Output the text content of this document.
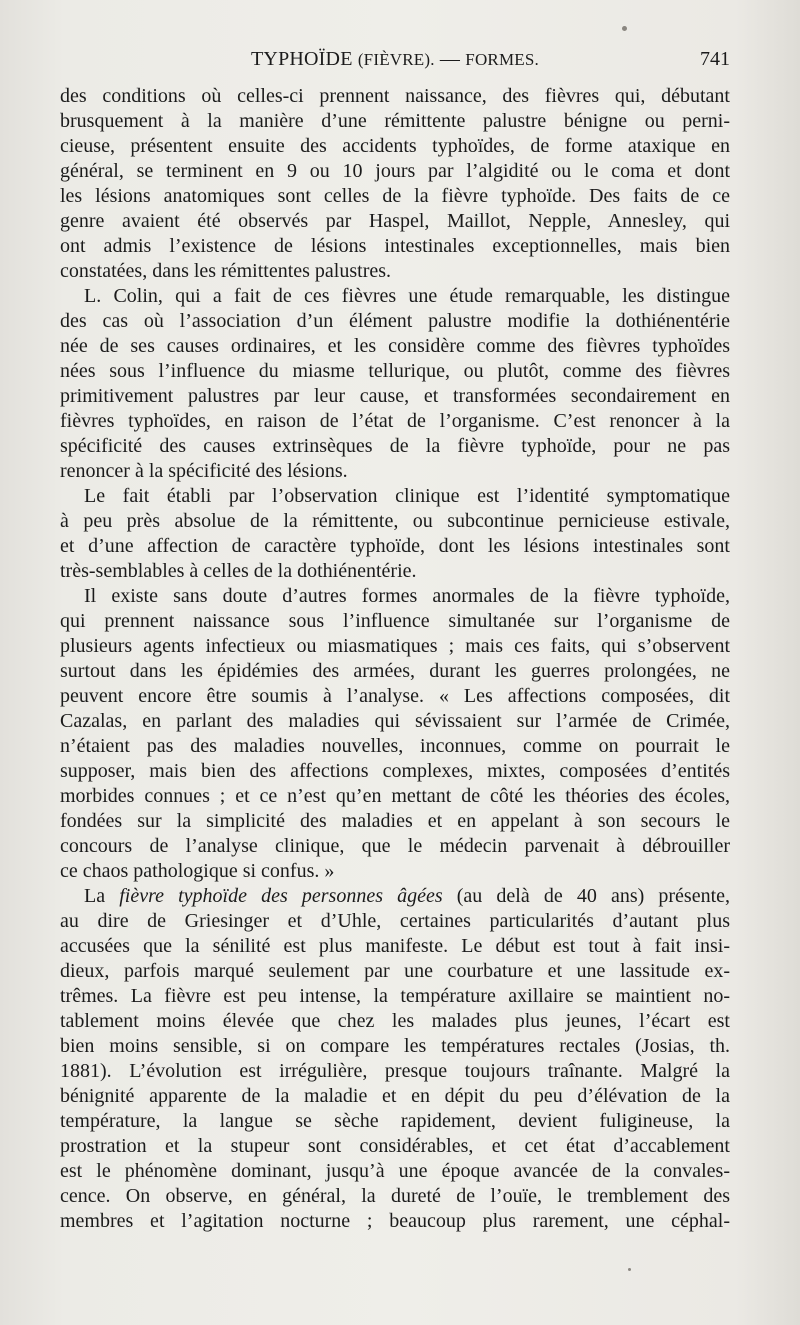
TYPHOÏDE (FIÈVRE). — FORMES.	741
des conditions où celles-ci prennent naissance, des fièvres qui, débutant
brusquement à la manière d’une rémittente palustre bénigne ou perni-
cieuse, présentent ensuite des accidents typhoïdes, de forme ataxique en
général, se terminent en 9 ou 10 jours par l’algidité ou le coma et dont
les lésions anatomiques sont celles de la fièvre typhoïde. Des faits de ce
genre avaient été observés par Haspel, Maillot, Nepple, Annesley, qui
ont admis l’existence de lésions intestinales exceptionnelles, mais bien
constatées, dans les rémittentes palustres.
L. Colin, qui a fait de ces fièvres une étude remarquable, les distingue
des cas où l’association d’un élément palustre modifie la dothiénentérie
née de ses causes ordinaires, et les considère comme des fièvres typhoïdes
nées sous l’influence du miasme tellurique, ou plutôt, comme des fièvres
primitivement palustres par leur cause, et transformées secondairement en
fièvres typhoïdes, en raison de l’état de l’organisme. C’est renoncer à la
spécificité des causes extrinsèques de la fièvre typhoïde, pour ne pas
renoncer à la spécificité des lésions.
Le fait établi par l’observation clinique est l’identité symptomatique
à peu près absolue de la rémittente, ou subcontinue pernicieuse estivale,
et d’une affection de caractère typhoïde, dont les lésions intestinales sont
très-semblables à celles de la dothiénentérie.
Il existe sans doute d’autres formes anormales de la fièvre typhoïde,
qui prennent naissance sous l’influence simultanée sur l’organisme de
plusieurs agents infectieux ou miasmatiques ; mais ces faits, qui s’observent
surtout dans les épidémies des armées, durant les guerres prolongées, ne
peuvent encore être soumis à l’analyse. « Les affections composées, dit
Cazalas, en parlant des maladies qui sévissaient sur l’armée de Crimée,
n’étaient pas des maladies nouvelles, inconnues, comme on pourrait le
supposer, mais bien des affections complexes, mixtes, composées d’entités
morbides connues ; et ce n’est qu’en mettant de côté les théories des écoles,
fondées sur la simplicité des maladies et en appelant à son secours le
concours de l’analyse clinique, que le médecin parvenait à débrouiller
ce chaos pathologique si confus. »
La fièvre typhoïde des personnes âgées (au delà de 40 ans) présente,
au dire de Griesinger et d’Uhle, certaines particularités d’autant plus
accusées que la sénilité est plus manifeste. Le début est tout à fait insi-
dieux, parfois marqué seulement par une courbature et une lassitude ex-
trêmes. La fièvre est peu intense, la température axillaire se maintient no-
tablement moins élevée que chez les malades plus jeunes, l’écart est
bien moins sensible, si on compare les températures rectales (Josias, th.
1881). L’évolution est irrégulière, presque toujours traînante. Malgré la
bénignité apparente de la maladie et en dépit du peu d’élévation de la
température, la langue se sèche rapidement, devient fuligineuse, la
prostration et la stupeur sont considérables, et cet état d’accablement
est le phénomène dominant, jusqu’à une époque avancée de la convales-
cence. On observe, en général, la dureté de l’ouïe, le tremblement des
membres et l’agitation nocturne ; beaucoup plus rarement, une céphal-
